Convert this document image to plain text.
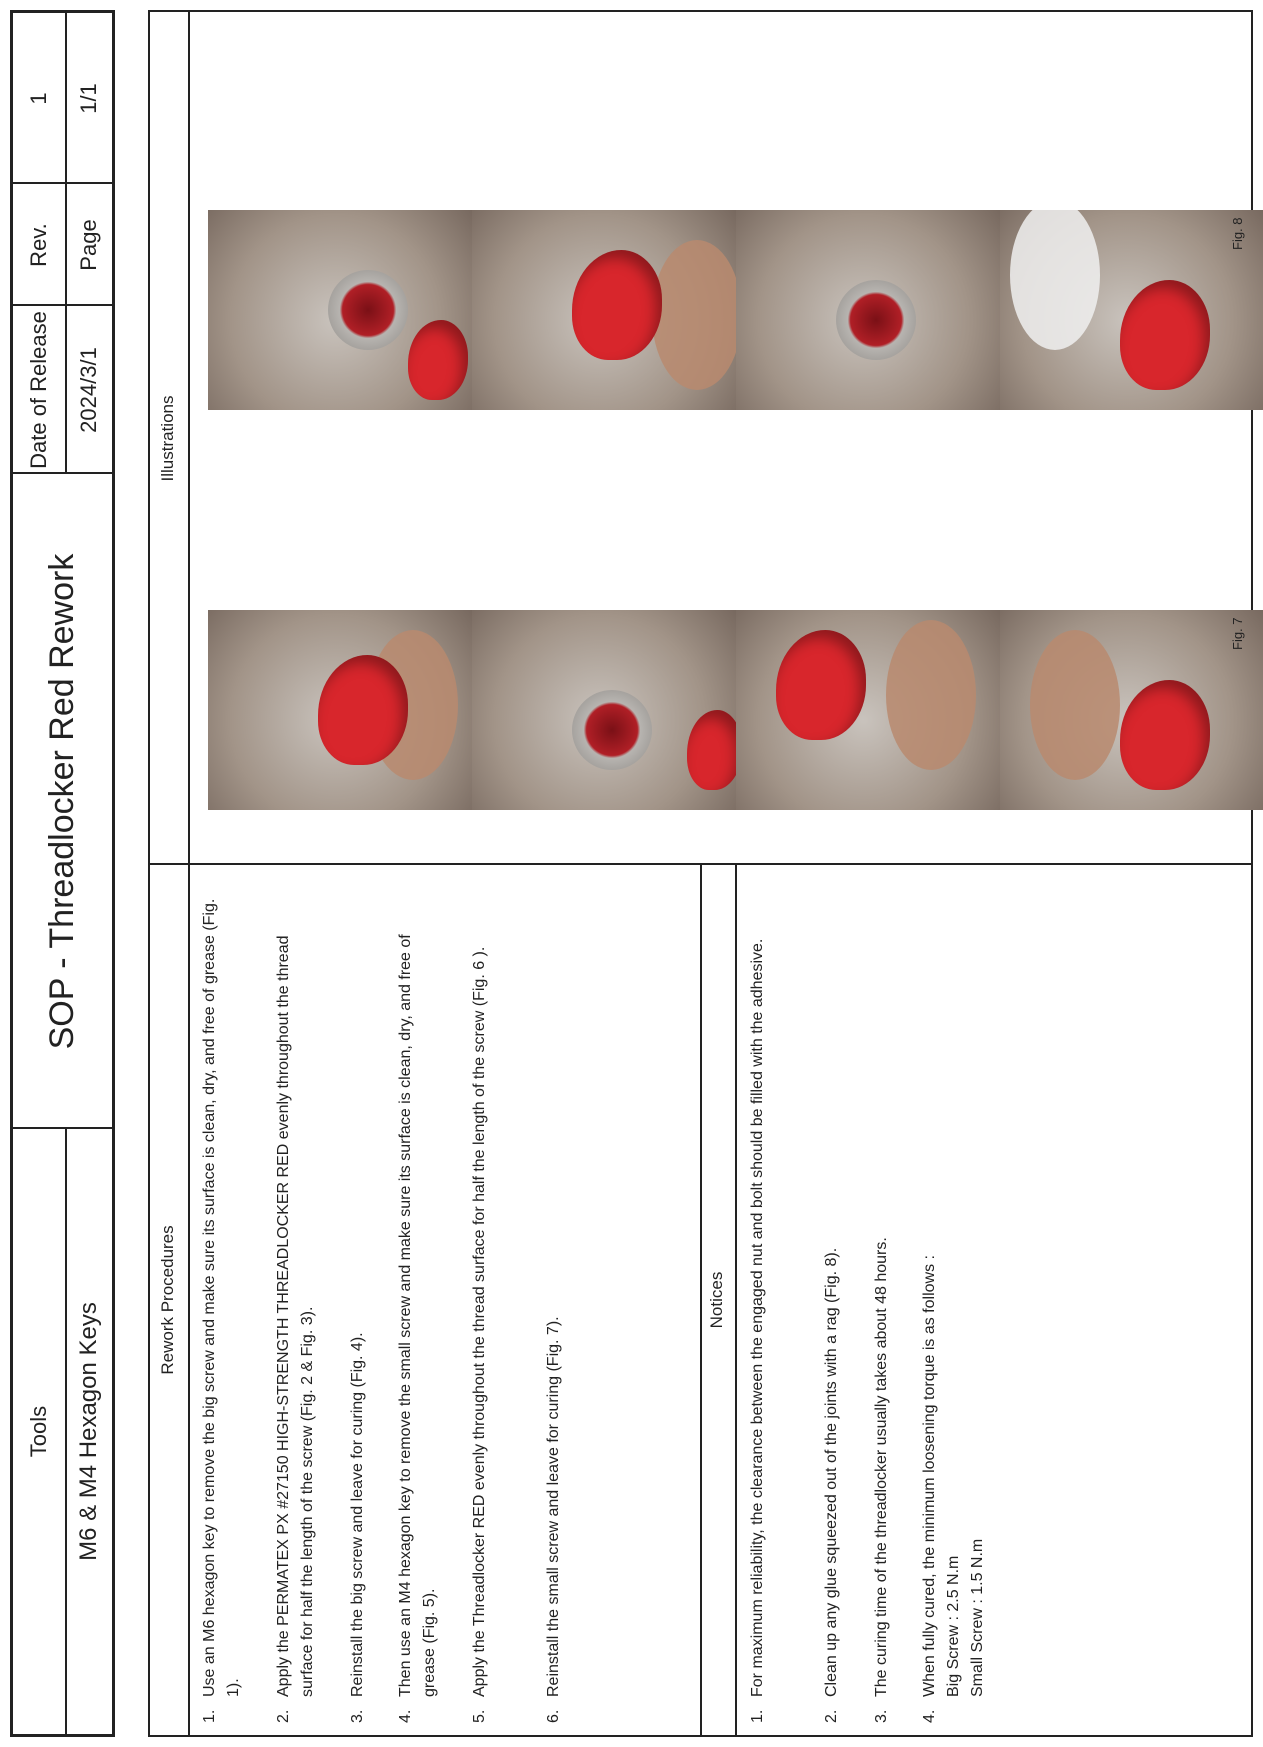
Tools M6 & M4 Hexagon Keys
SOP - Threadlocker Red Rework
Date of Release	2024/3/1
Rev.	Page
1	1/1
Rework Procedures
1.
Use an M6 hexagon key to remove the big screw and make sure its surface is clean, dry, and free of grease (Fig. 1).
2.
Apply the PERMATEX PX #27150 HIGH-STRENGTH THREADLOCKER RED evenly throughout the thread surface for half the length of the screw (Fig. 2 & Fig. 3).
3.
Reinstall the big screw and leave for curing (Fig. 4).
4.
Then use an M4 hexagon key to remove the small screw and make sure its surface is clean, dry, and free of grease (Fig. 5).
5.
Apply the Threadlocker RED evenly throughout the thread surface for half the length of the screw (Fig. 6 ).
6.
Reinstall the small screw and leave for curing (Fig. 7).
Notices
1.
For maximum reliability, the clearance between the engaged nut and bolt should be filled with the adhesive.
2.
Clean up any glue squeezed out of the joints with a rag (Fig. 8).
3.
The curing time of the threadlocker usually takes about 48 hours.
4.
When fully cured, the minimum loosening torque is as follows : Big Screw : 2.5 N.m Small Screw : 1.5 N.m
Illustrations
Fig. 7
Fig. 8
